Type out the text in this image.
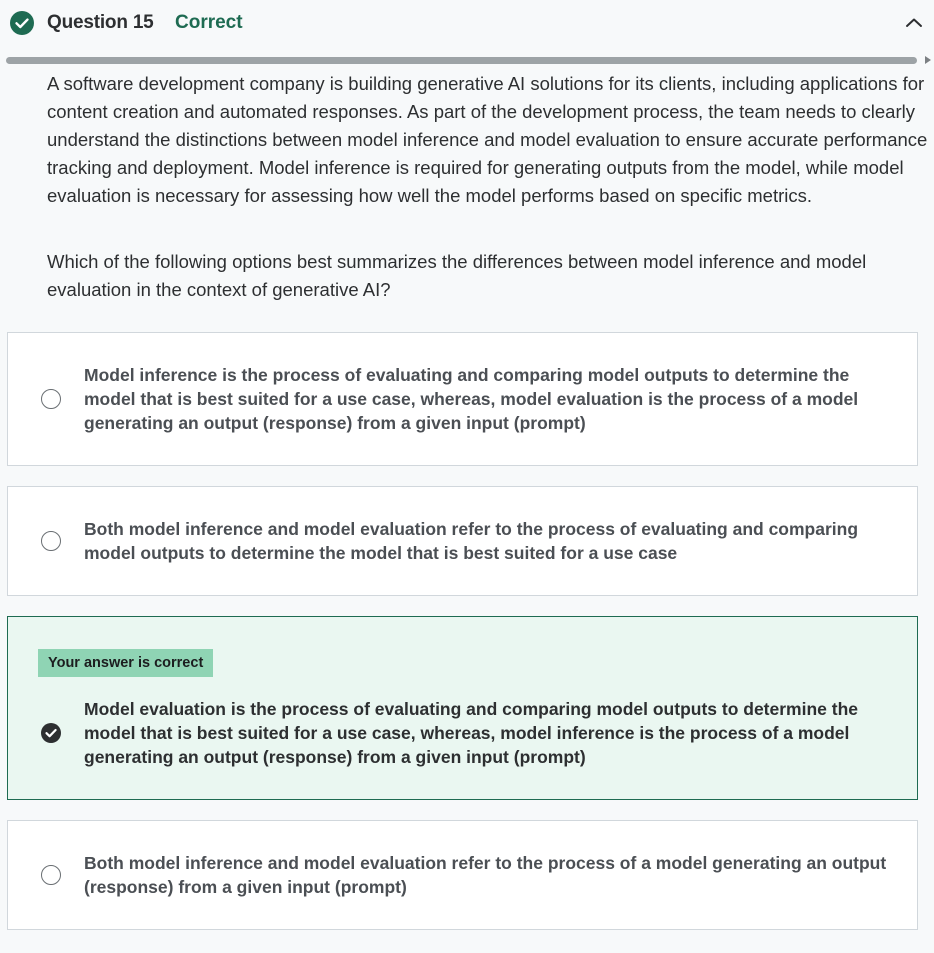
Question 15 Correct

A software development company is building generative AI solutions for its clients, including applications for content creation and automated responses. As part of the development process, the team needs to clearly understand the distinctions between model inference and model evaluation to ensure accurate performance tracking and deployment. Model inference is required for generating outputs from the model, while model evaluation is necessary for assessing how well the model performs based on specific metrics.

Which of the following options best summarizes the differences between model inference and model evaluation in the context of generative AI?

Model inference is the process of evaluating and comparing model outputs to determine the model that is best suited for a use case, whereas, model evaluation is the process of a model generating an output (response) from a given input (prompt)
Both model inference and model evaluation refer to the process of evaluating and comparing model outputs to determine the model that is best suited for a use case
Your answer is correct
Model evaluation is the process of evaluating and comparing model outputs to determine the model that is best suited for a use case, whereas, model inference is the process of a model generating an output (response) from a given input (prompt)
Both model inference and model evaluation refer to the process of a model generating an output (response) from a given input (prompt)
